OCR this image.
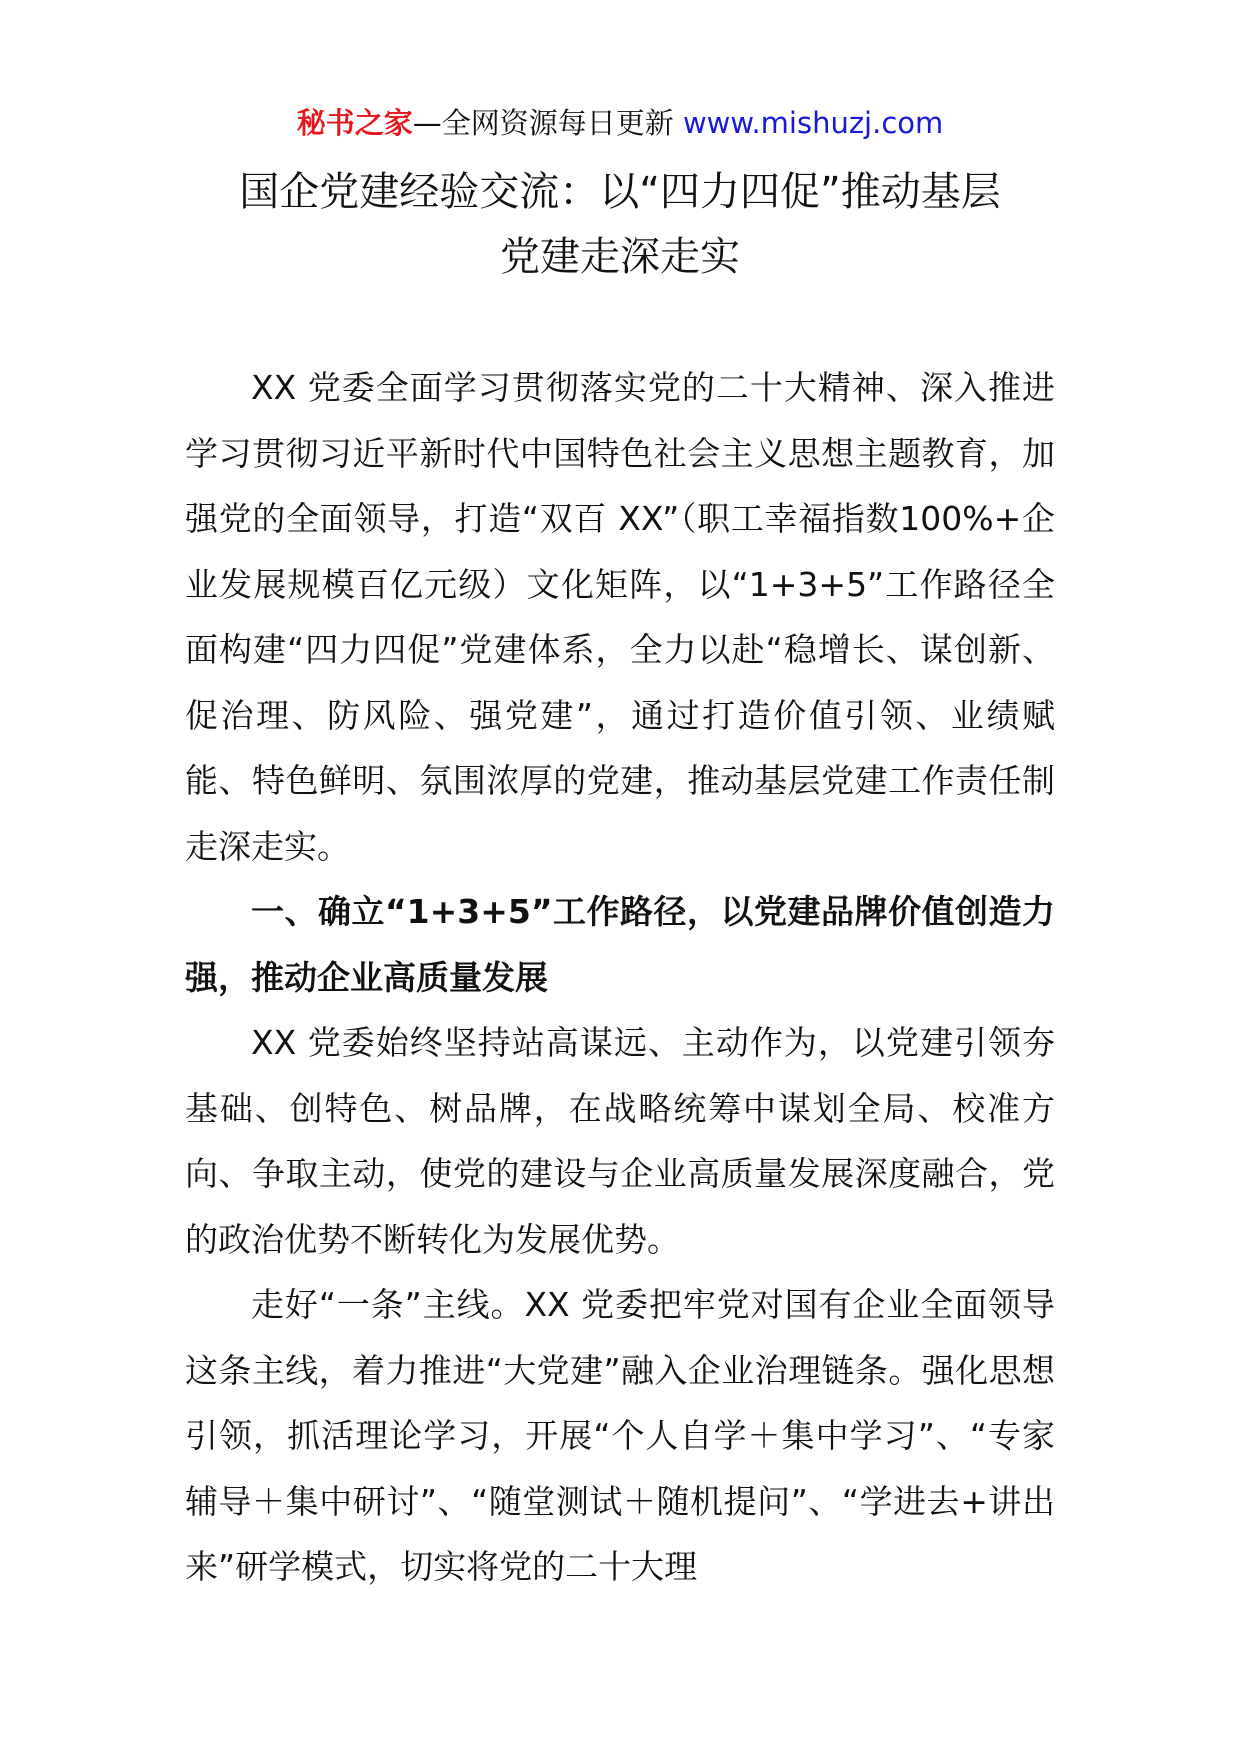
秘书之家—全网资源每日更新 www.mishuzj.com
国企党建经验交流：以“四力四促”推动基层
党建走深走实

XX 党委全面学习贯彻落实党的二十大精神、深入推进学习贯彻习近平新时代中国特色社会主义思想主题教育，加强党的全面领导，打造“双百 XX”（职工幸福指数100%+企业发展规模百亿元级）文化矩阵，以“1+3+5”工作路径全面构建“四力四促”党建体系，全力以赴“稳增长、谋创新、促治理、防风险、强党建”，通过打造价值引领、业绩赋能、特色鲜明、氛围浓厚的党建，推动基层党建工作责任制走深走实。

一、确立“1+3+5”工作路径，以党建品牌价值创造力强，推动企业高质量发展

XX 党委始终坚持站高谋远、主动作为，以党建引领夯基础、创特色、树品牌，在战略统筹中谋划全局、校准方向、争取主动，使党的建设与企业高质量发展深度融合，党的政治优势不断转化为发展优势。

走好“一条”主线。XX 党委把牢党对国有企业全面领导这条主线，着力推进“大党建”融入企业治理链条。强化思想引领，抓活理论学习，开展“个人自学＋集中学习”、“专家辅导＋集中研讨”、“随堂测试＋随机提问”、“学进去+讲出来”研学模式，切实将党的二十大理
